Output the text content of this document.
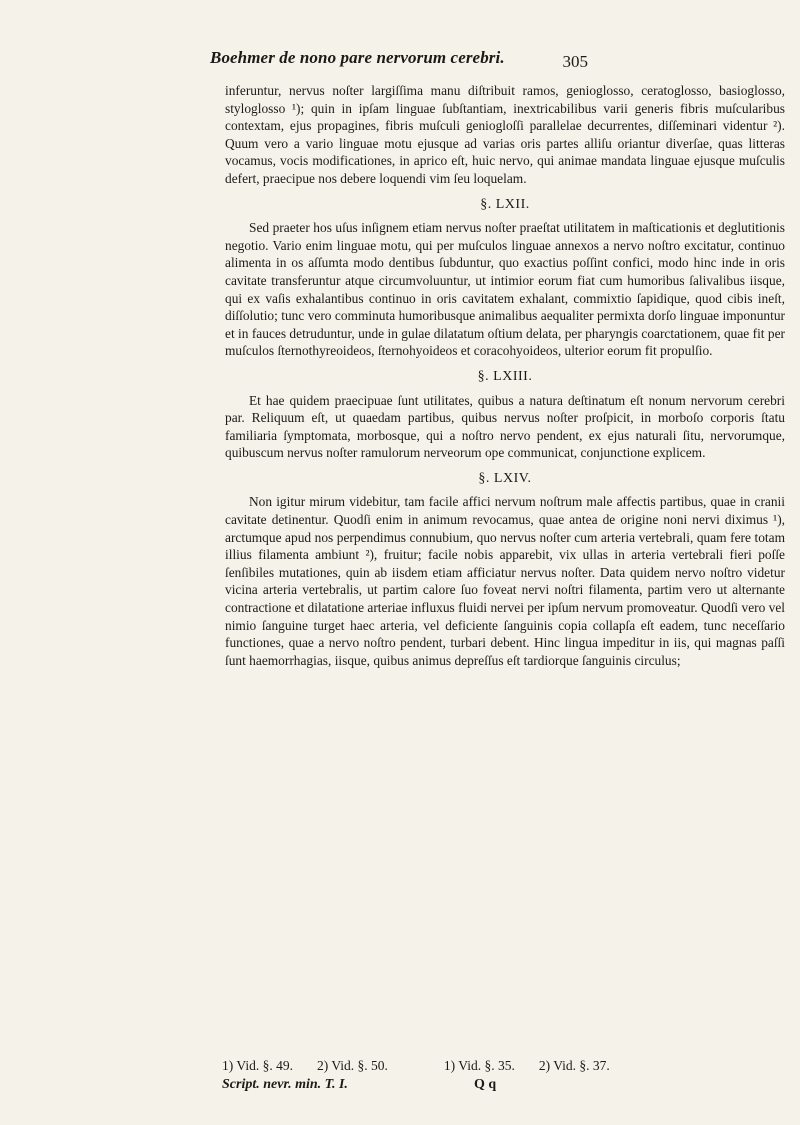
Boehmer de nono pare nervorum cerebri.	305

inferuntur, nervus noſter largiſſima manu diſtribuit ramos, genioglosso, ceratoglosso, basioglosso, styloglosso ¹); quin in ipſam linguae ſubſtantiam, inextricabilibus varii generis fibris muſcularibus contextam, ejus propagines, fibris muſculi geniogloſſi parallelae decurrentes, diſſeminari videntur ²). Quum vero a vario linguae motu ejusque ad varias oris partes alliſu oriantur diverſae, quas litteras vocamus, vocis modificationes, in aprico eſt, huic nervo, qui animae mandata linguae ejusque muſculis defert, praecipue nos debere loquendi vim ſeu loquelam.

§. LXII.

Sed praeter hos uſus inſignem etiam nervus noſter praeſtat utilitatem in maſticationis et deglutitionis negotio. Vario enim linguae motu, qui per muſculos linguae annexos a nervo noſtro excitatur, continuo alimenta in os aſſumta modo dentibus ſubduntur, quo exactius poſſint confici, modo hinc inde in oris cavitate transferuntur atque circumvoluuntur, ut intimior eorum fiat cum humoribus ſalivalibus iisque, qui ex vaſis exhalantibus continuo in oris cavitatem exhalant, commixtio ſapidique, quod cibis ineſt, diſſolutio; tunc vero comminuta humoribusque animalibus aequaliter permixta dorſo linguae imponuntur et in fauces detruduntur, unde in gulae dilatatum oſtium delata, per pharyngis coarctationem, quae fit per muſculos ſternothyreoideos, ſternohyoideos et coracohyoideos, ulterior eorum fit propulſio.

§. LXIII.

Et hae quidem praecipuae ſunt utilitates, quibus a natura deſtinatum eſt nonum nervorum cerebri par. Reliquum eſt, ut quaedam partibus, quibus nervus noſter proſpicit, in morboſo corporis ſtatu familiaria ſymptomata, morbosque, qui a noſtro nervo pendent, ex ejus naturali ſitu, nervorumque, quibuscum nervus noſter ramulorum nerveorum ope communicat, conjunctione explicem.

§. LXIV.

Non igitur mirum videbitur, tam facile affici nervum noſtrum male affectis partibus, quae in cranii cavitate detinentur. Quodſi enim in animum revocamus, quae antea de origine noni nervi diximus ¹), arctumque apud nos perpendimus connubium, quo nervus noſter cum arteria vertebrali, quam fere totam illius filamenta ambiunt ²), fruitur; facile nobis apparebit, vix ullas in arteria vertebrali fieri poſſe ſenſibiles mutationes, quin ab iisdem etiam afficiatur nervus noſter. Data quidem nervo noſtro videtur vicina arteria vertebralis, ut partim calore ſuo foveat nervi noſtri filamenta, partim vero ut alternante contractione et dilatatione arteriae influxus fluidi nervei per ipſum nervum promoveatur. Quodſi vero vel nimio ſanguine turget haec arteria, vel deficiente ſanguinis copia collapſa eſt eadem, tunc neceſſario functiones, quae a nervo noſtro pendent, turbari debent. Hinc lingua impeditur in iis, qui magnas paſſi ſunt haemorrhagias, iisque, quibus animus depreſſus eſt tardiorque ſanguinis circulus;

1) Vid. §. 49. 2) Vid. §. 50.	1) Vid. §. 35. 2) Vid. §. 37.
Script. nevr. min. T. I.	Q q
